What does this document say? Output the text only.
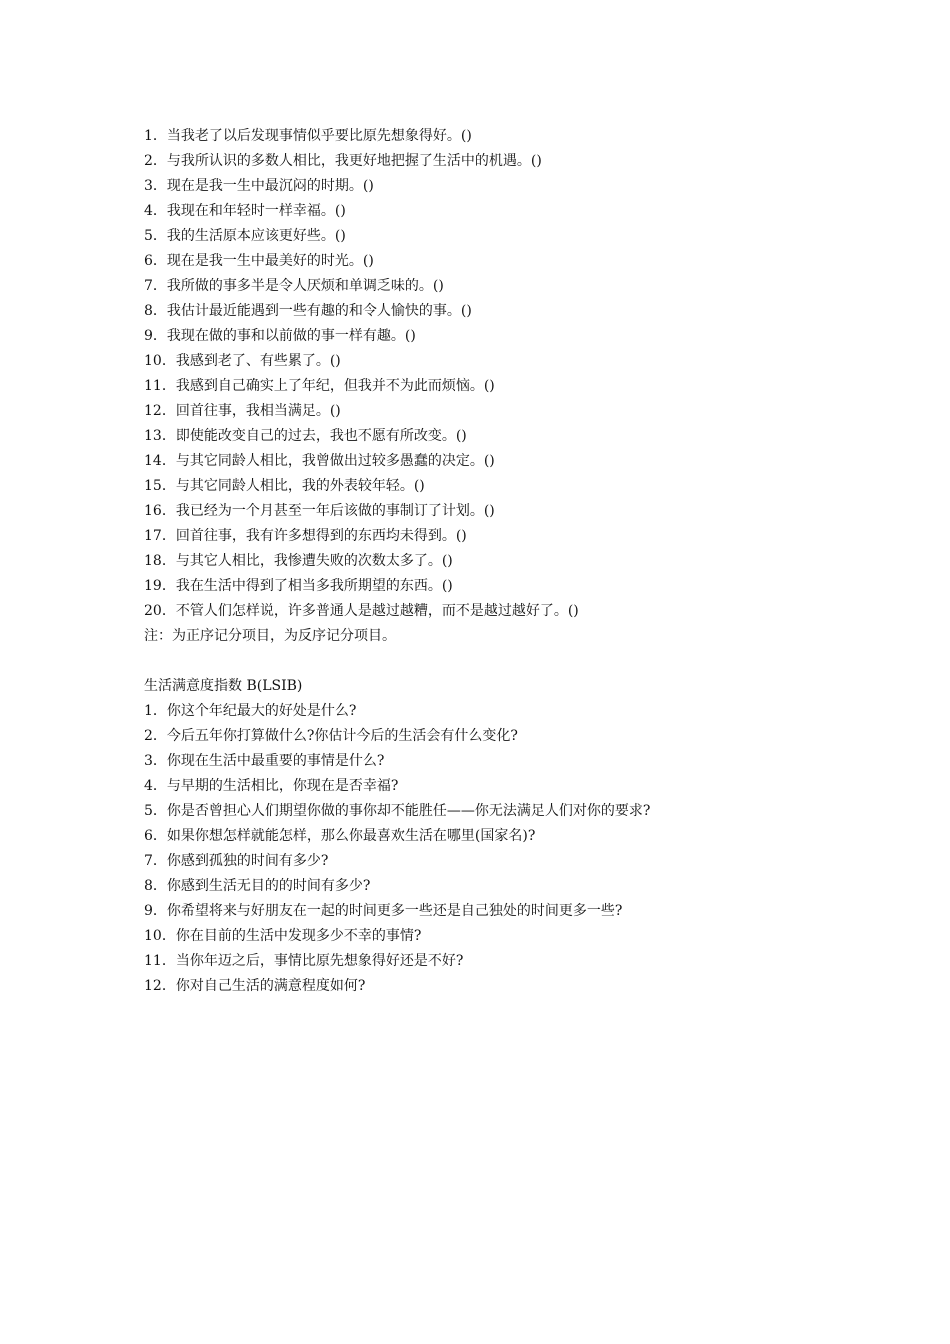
1．当我老了以后发现事情似乎要比原先想象得好。()
2．与我所认识的多数人相比，我更好地把握了生活中的机遇。()
3．现在是我一生中最沉闷的时期。()
4．我现在和年轻时一样幸福。()
5．我的生活原本应该更好些。()
6．现在是我一生中最美好的时光。()
7．我所做的事多半是令人厌烦和单调乏味的。()
8．我估计最近能遇到一些有趣的和令人愉快的事。()
9．我现在做的事和以前做的事一样有趣。()
10．我感到老了、有些累了。()
11．我感到自己确实上了年纪，但我并不为此而烦恼。()
12．回首往事，我相当满足。()
13．即使能改变自己的过去，我也不愿有所改变。()
14．与其它同龄人相比，我曾做出过较多愚蠢的决定。()
15．与其它同龄人相比，我的外表较年轻。()
16．我已经为一个月甚至一年后该做的事制订了计划。()
17．回首往事，我有许多想得到的东西均未得到。()
18．与其它人相比，我惨遭失败的次数太多了。()
19．我在生活中得到了相当多我所期望的东西。()
20．不管人们怎样说，许多普通人是越过越糟，而不是越过越好了。()
注：为正序记分项目，为反序记分项目。
生活满意度指数 B(LSIB)
1．你这个年纪最大的好处是什么?
2．今后五年你打算做什么?你估计今后的生活会有什么变化?
3．你现在生活中最重要的事情是什么?
4．与早期的生活相比，你现在是否幸福?
5．你是否曾担心人们期望你做的事你却不能胜任——你无法满足人们对你的要求?
6．如果你想怎样就能怎样，那么你最喜欢生活在哪里(国家名)?
7．你感到孤独的时间有多少?
8．你感到生活无目的的时间有多少?
9．你希望将来与好朋友在一起的时间更多一些还是自己独处的时间更多一些?
10．你在目前的生活中发现多少不幸的事情?
11．当你年迈之后，事情比原先想象得好还是不好?
12．你对自己生活的满意程度如何?
